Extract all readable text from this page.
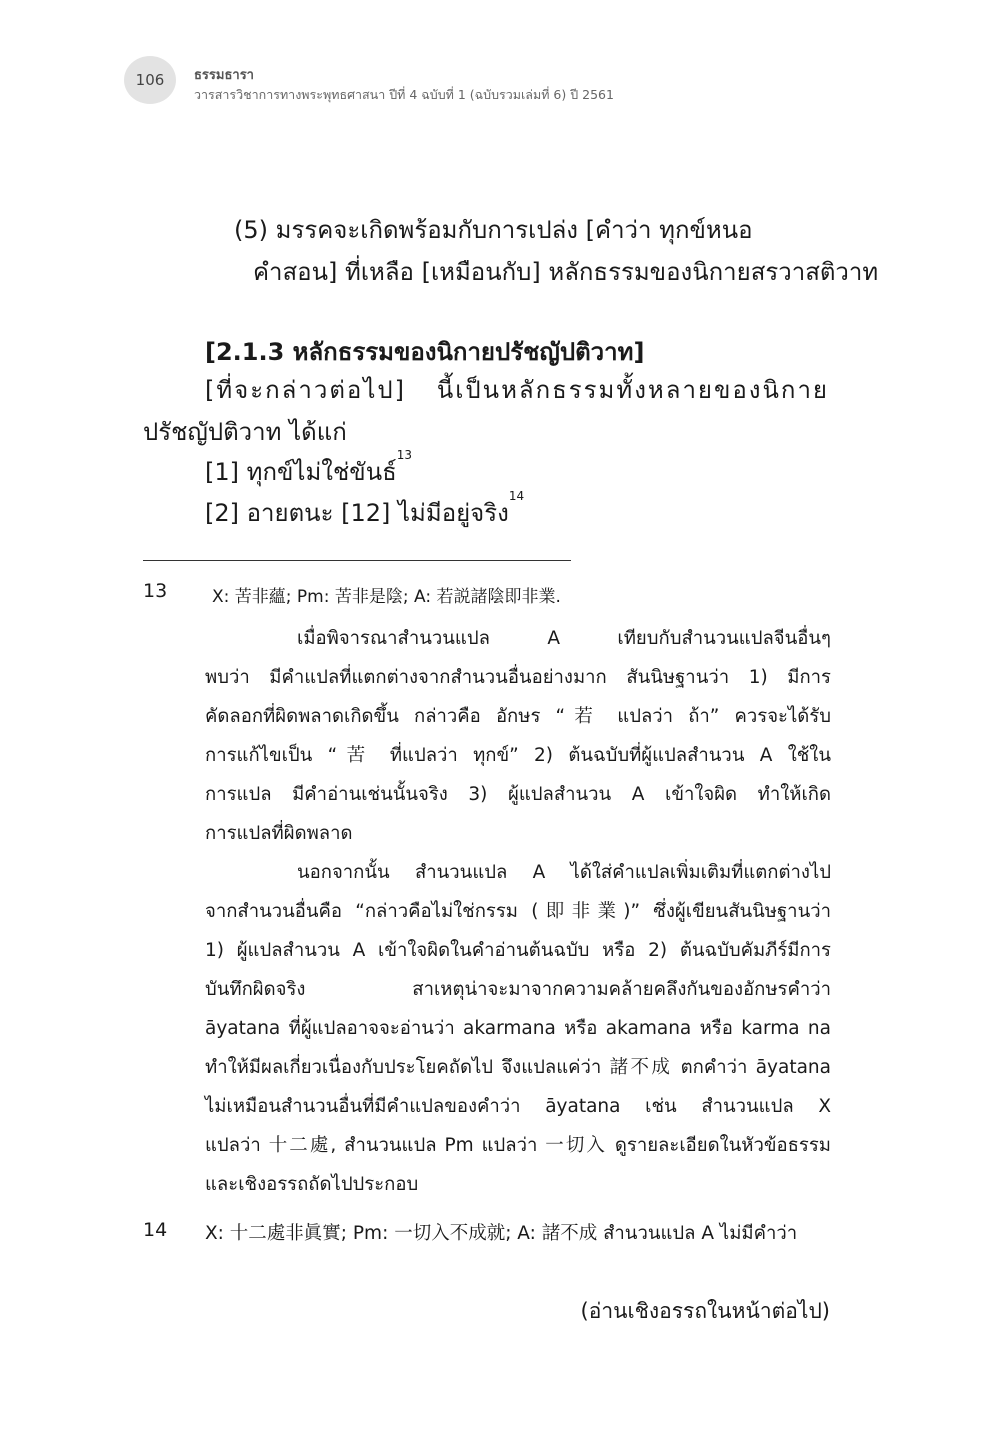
106	ธรรมธารา
วารสารวิชาการทางพระพุทธศาสนา ปีที่ 4 ฉบับที่ 1 (ฉบับรวมเล่มที่ 6) ปี 2561
(5) มรรคจะเกิดพร้อมกับการเปล่ง [คำว่า ทุกข์หนอ
คำสอน] ที่เหลือ [เหมือนกับ] หลักธรรมของนิกายสรวาสติวาท
[2.1.3 หลักธรรมของนิกายปรัชญัปติวาท]
[ที่จะกล่าวต่อไป] นี้เป็นหลักธรรมทั้งหลายของนิกาย
ปรัชญัปติวาท ได้แก่
[1] ทุกข์ไม่ใช่ขันธ์$^{13}$
[2] อายตนะ [12] ไม่มีอยู่จริง$^{14}$
13	X: 苦非蘊; Pm: 苦非是陰; A: 若説諸陰即非業.
เมื่อพิจารณาสำนวนแปล A เทียบกับสำนวนแปลจีนอื่นๆ
พบว่า มีคำแปลที่แตกต่างจากสำนวนอื่นอย่างมาก สันนิษฐานว่า 1) มีการ
คัดลอกที่ผิดพลาดเกิดขึ้น กล่าวคือ อักษร “若 แปลว่า ถ้า” ควรจะได้รับ
การแก้ไขเป็น “苦 ที่แปลว่า ทุกข์” 2) ต้นฉบับที่ผู้แปลสำนวน A ใช้ใน
การแปล มีคำอ่านเช่นนั้นจริง 3) ผู้แปลสำนวน A เข้าใจผิด ทำให้เกิด
การแปลที่ผิดพลาด
นอกจากนั้น สำนวนแปล A ได้ใส่คำแปลเพิ่มเติมที่แตกต่างไป
จากสำนวนอื่นคือ “กล่าวคือไม่ใช่กรรม (即非業)” ซึ่งผู้เขียนสันนิษฐานว่า
1) ผู้แปลสำนวน A เข้าใจผิดในคำอ่านต้นฉบับ หรือ 2) ต้นฉบับคัมภีร์มีการ
บันทึกผิดจริง สาเหตุน่าจะมาจากความคล้ายคลึงกันของอักษรคำว่า
āyatana ที่ผู้แปลอาจจะอ่านว่า akarmana หรือ akamana หรือ karma na
ทำให้มีผลเกี่ยวเนื่องกับประโยคถัดไป จึงแปลแค่ว่า 諸不成 ตกคำว่า āyatana
ไม่เหมือนสำนวนอื่นที่มีคำแปลของคำว่า āyatana เช่น สำนวนแปล X
แปลว่า 十二處, สำนวนแปล Pm แปลว่า 一切入 ดูรายละเอียดในหัวข้อธรรม
และเชิงอรรถถัดไปประกอบ
14 X: 十二處非眞實; Pm: 一切入不成就; A: 諸不成 สำนวนแปล A ไม่มีคำว่า
(อ่านเชิงอรรถในหน้าต่อไป)
